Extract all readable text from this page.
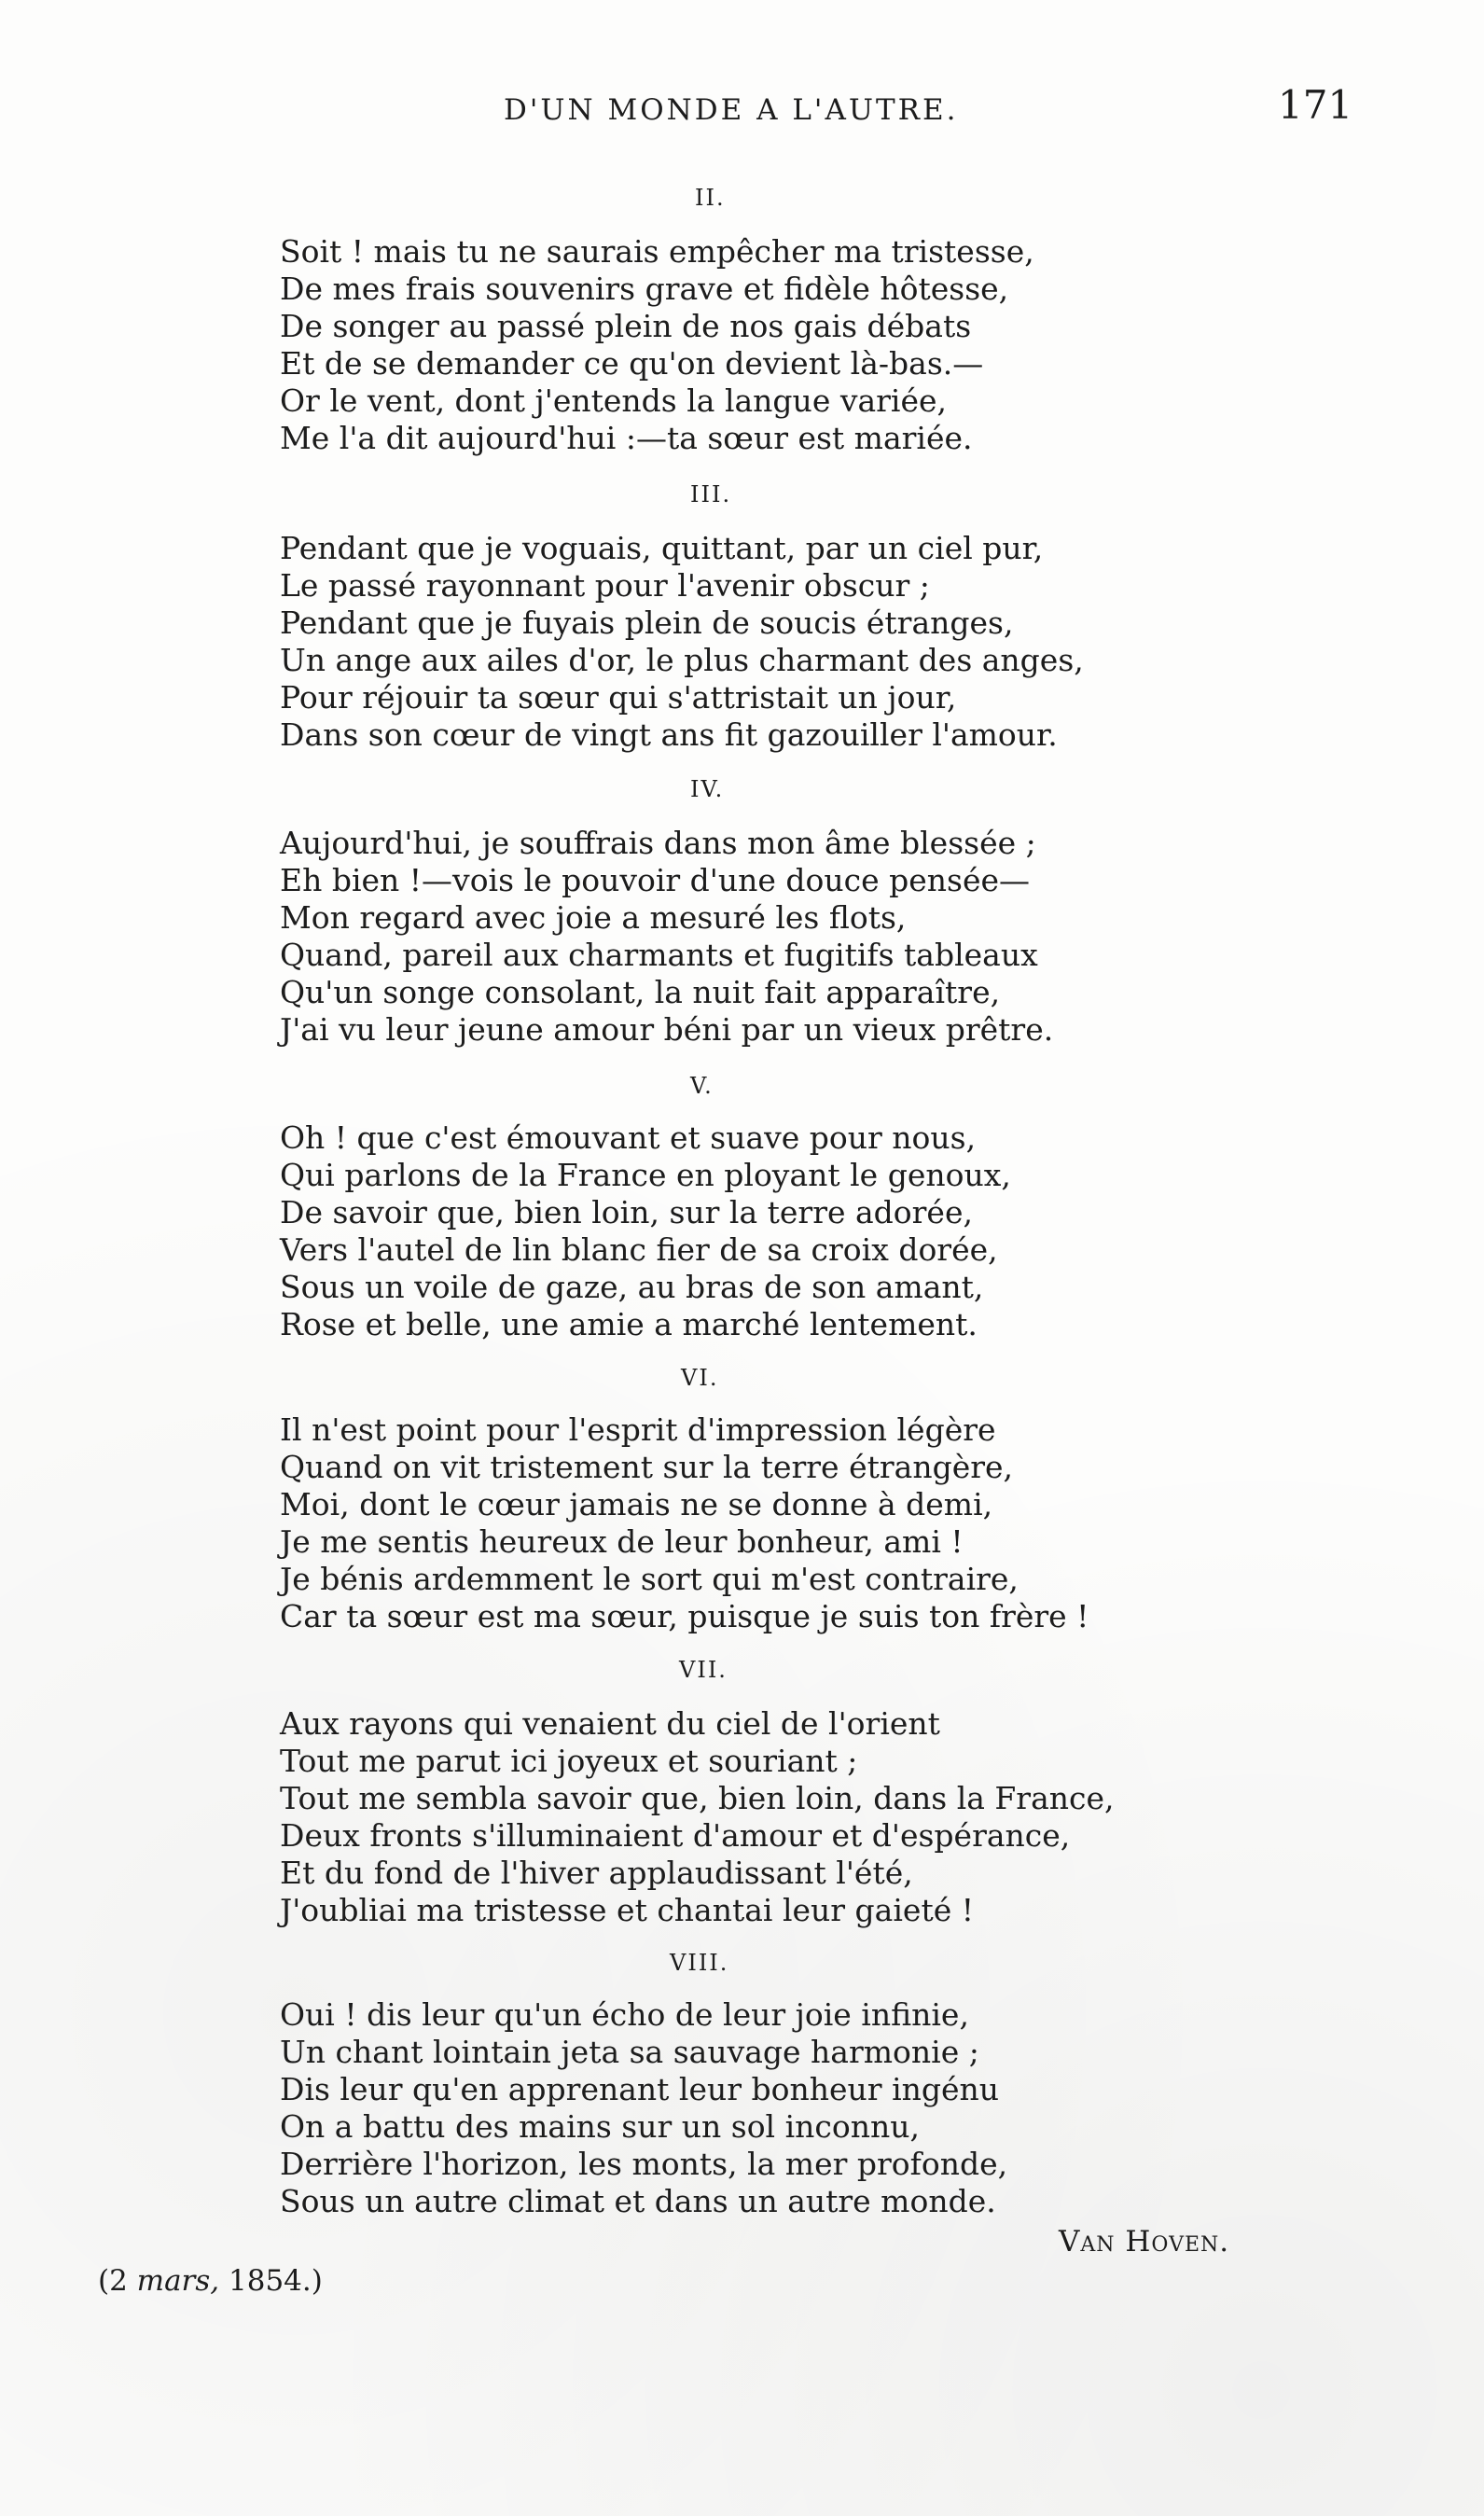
D'UN MONDE A L'AUTRE.	171
II.
Soit ! mais tu ne saurais empêcher ma tristesse,
De mes frais souvenirs grave et fidèle hôtesse,
De songer au passé plein de nos gais débats
Et de se demander ce qu'on devient là-bas.—
Or le vent, dont j'entends la langue variée,
Me l'a dit aujourd'hui :—ta sœur est mariée.
III.
Pendant que je voguais, quittant, par un ciel pur,
Le passé rayonnant pour l'avenir obscur ;
Pendant que je fuyais plein de soucis étranges,
Un ange aux ailes d'or, le plus charmant des anges,
Pour réjouir ta sœur qui s'attristait un jour,
Dans son cœur de vingt ans fit gazouiller l'amour.
IV.
Aujourd'hui, je souffrais dans mon âme blessée ;
Eh bien !—vois le pouvoir d'une douce pensée—
Mon regard avec joie a mesuré les flots,
Quand, pareil aux charmants et fugitifs tableaux
Qu'un songe consolant, la nuit fait apparaître,
J'ai vu leur jeune amour béni par un vieux prêtre.
V.
Oh ! que c'est émouvant et suave pour nous,
Qui parlons de la France en ployant le genoux,
De savoir que, bien loin, sur la terre adorée,
Vers l'autel de lin blanc fier de sa croix dorée,
Sous un voile de gaze, au bras de son amant,
Rose et belle, une amie a marché lentement.
VI.
Il n'est point pour l'esprit d'impression légère
Quand on vit tristement sur la terre étrangère,
Moi, dont le cœur jamais ne se donne à demi,
Je me sentis heureux de leur bonheur, ami !
Je bénis ardemment le sort qui m'est contraire,
Car ta sœur est ma sœur, puisque je suis ton frère !
VII.
Aux rayons qui venaient du ciel de l'orient
Tout me parut ici joyeux et souriant ;
Tout me sembla savoir que, bien loin, dans la France,
Deux fronts s'illuminaient d'amour et d'espérance,
Et du fond de l'hiver applaudissant l'été,
J'oubliai ma tristesse et chantai leur gaieté !
VIII.
Oui ! dis leur qu'un écho de leur joie infinie,
Un chant lointain jeta sa sauvage harmonie ;
Dis leur qu'en apprenant leur bonheur ingénu
On a battu des mains sur un sol inconnu,
Derrière l'horizon, les monts, la mer profonde,
Sous un autre climat et dans un autre monde.
Van Hoven.
(2 mars, 1854.)
